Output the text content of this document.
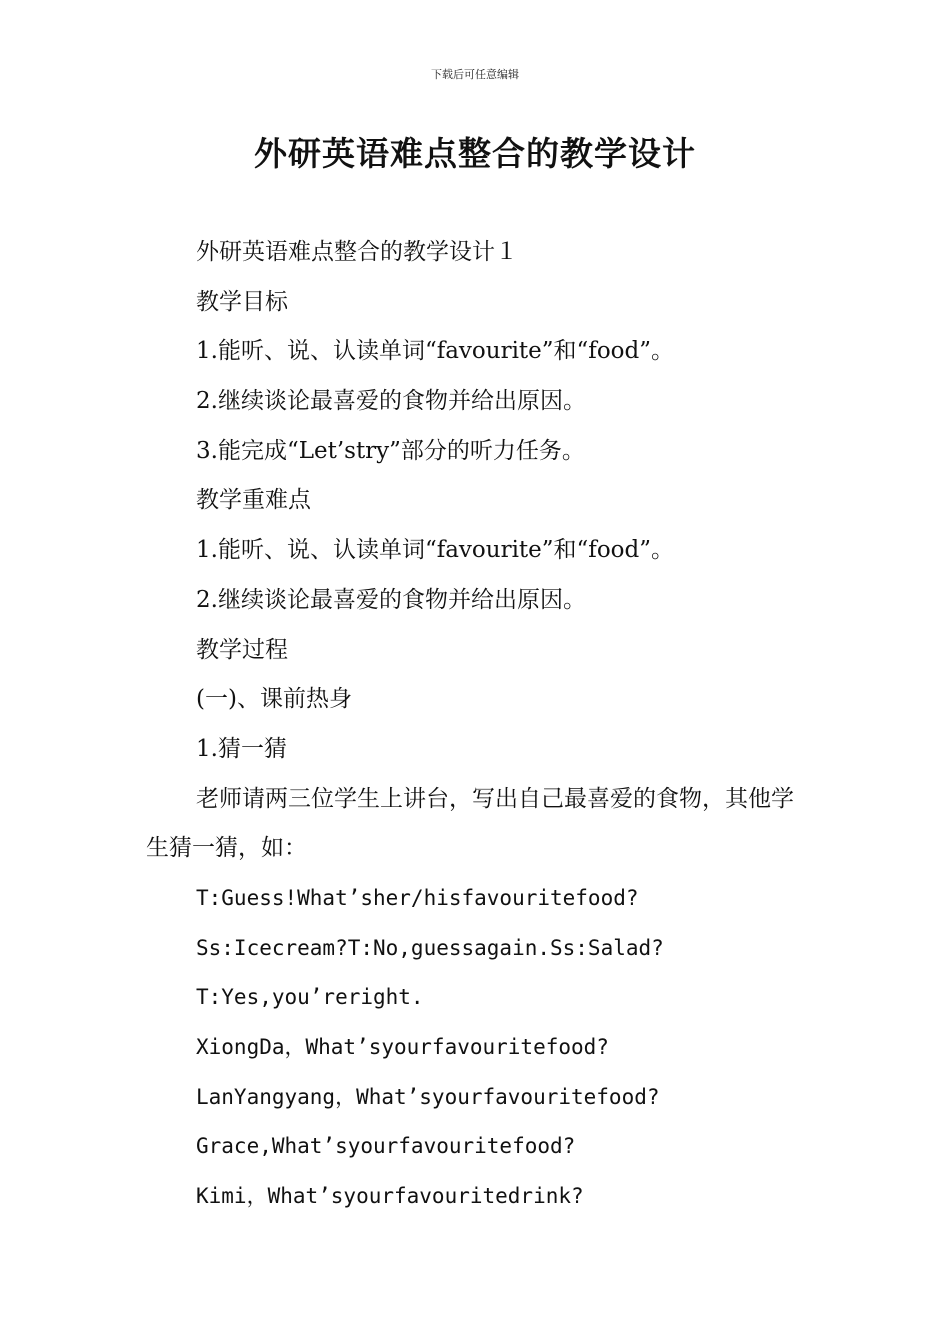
下载后可任意编辑
外研英语难点整合的教学设计
外研英语难点整合的教学设计１
教学目标
1.能听、说、认读单词“favourite”和“food”。
2.继续谈论最喜爱的食物并给出原因。
3.能完成“Let’stry”部分的听力任务。
教学重难点
1.能听、说、认读单词“favourite”和“food”。
2.继续谈论最喜爱的食物并给出原因。
教学过程
(一)、课前热身
1.猜一猜
老师请两三位学生上讲台，写出自己最喜爱的食物，其他学生猜一猜，如：
T:Guess!What’sher/hisfavouritefood?
Ss:Icecream?T:No,guessagain.Ss:Salad?
T:Yes,you’reright.
XiongDa，What’syourfavouritefood?
LanYangyang，What’syourfavouritefood?
Grace,What’syourfavouritefood?
Kimi，What’syourfavouritedrink?
